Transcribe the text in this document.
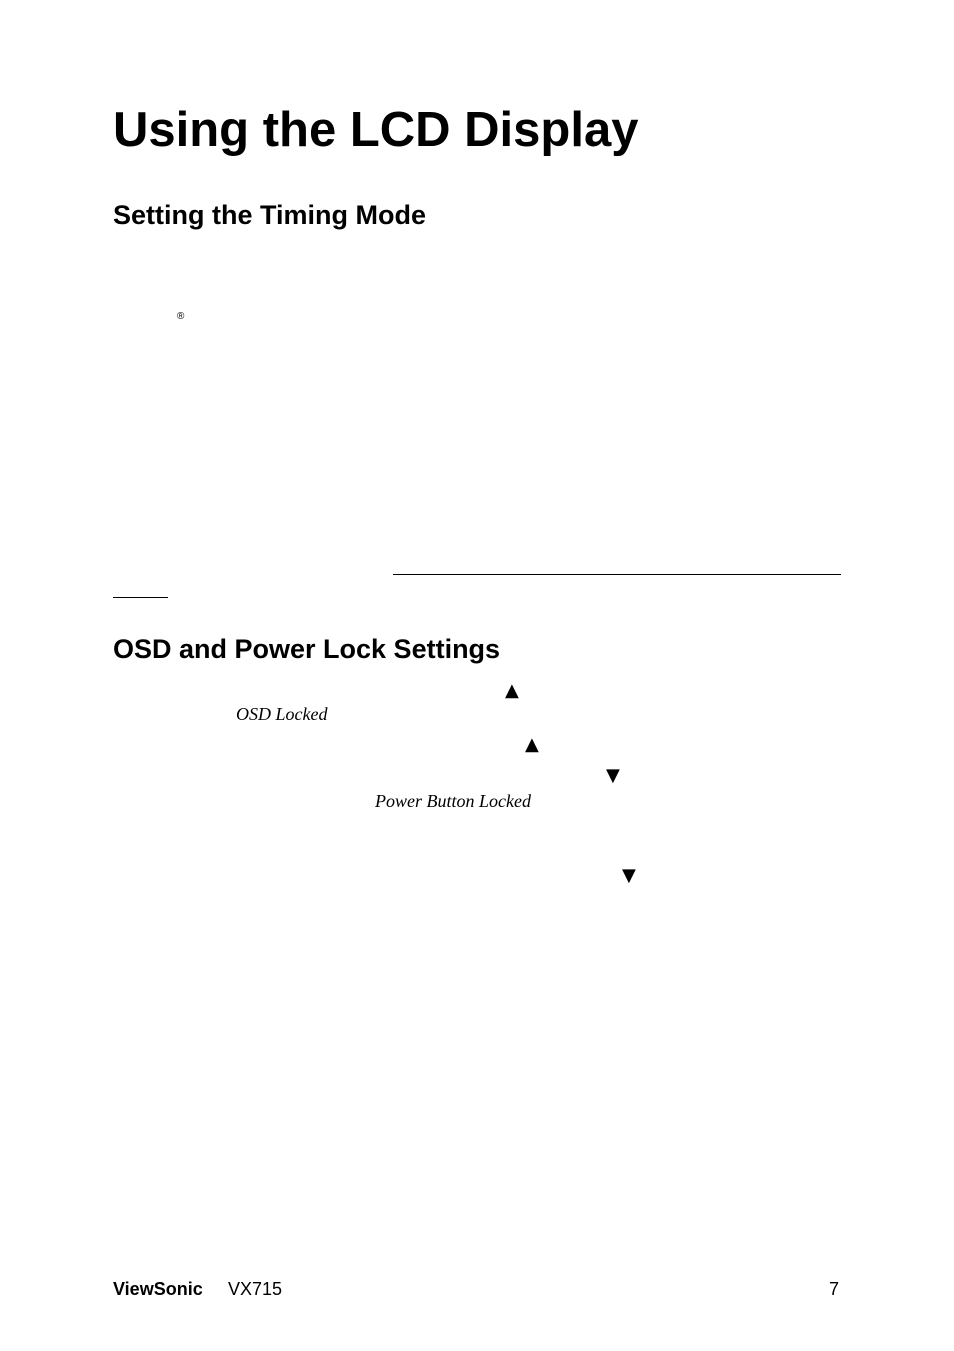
Using the LCD Display
Setting the Timing Mode
®
OSD and Power Lock Settings
▲
OSD Locked
▲
▼
Power Button Locked
▼
ViewSonic VX715	7
